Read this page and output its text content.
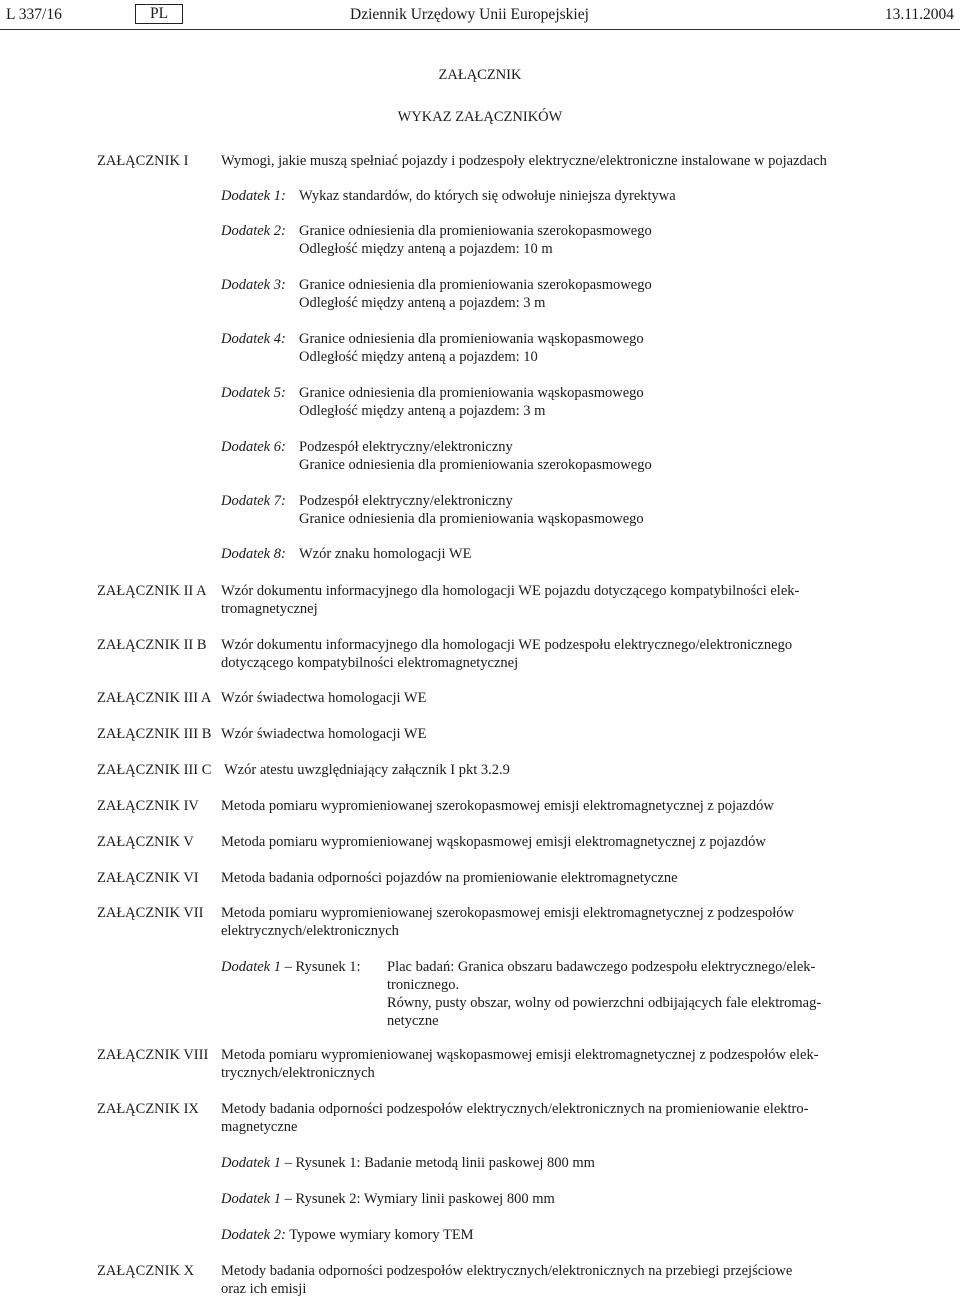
L 337/16	PL	Dziennik Urzędowy Unii Europejskiej	13.11.2004
ZAŁĄCZNIK
WYKAZ ZAŁĄCZNIKÓW
ZAŁĄCZNIK I Wymogi, jakie muszą spełniać pojazdy i podzespoły elektryczne/elektroniczne instalowane w pojazdach
Dodatek 1: Wykaz standardów, do których się odwołuje niniejsza dyrektywa
Dodatek 2: Granice odniesienia dla promieniowania szerokopasmowego
Odległość między anteną a pojazdem: 10 m
Dodatek 3: Granice odniesienia dla promieniowania szerokopasmowego
Odległość między anteną a pojazdem: 3 m
Dodatek 4: Granice odniesienia dla promieniowania wąskopasmowego
Odległość między anteną a pojazdem: 10
Dodatek 5: Granice odniesienia dla promieniowania wąskopasmowego
Odległość między anteną a pojazdem: 3 m
Dodatek 6: Podzespół elektryczny/elektroniczny
Granice odniesienia dla promieniowania szerokopasmowego
Dodatek 7: Podzespół elektryczny/elektroniczny
Granice odniesienia dla promieniowania wąskopasmowego
Dodatek 8: Wzór znaku homologacji WE
ZAŁĄCZNIK II A Wzór dokumentu informacyjnego dla homologacji WE pojazdu dotyczącego kompatybilności elek-
tromagnetycznej
ZAŁĄCZNIK II B Wzór dokumentu informacyjnego dla homologacji WE podzespołu elektrycznego/elektronicznego
dotyczącego kompatybilności elektromagnetycznej
ZAŁĄCZNIK III A Wzór świadectwa homologacji WE
ZAŁĄCZNIK III B Wzór świadectwa homologacji WE
ZAŁĄCZNIK III C Wzór atestu uwzględniający załącznik I pkt 3.2.9
ZAŁĄCZNIK IV Metoda pomiaru wypromieniowanej szerokopasmowej emisji elektromagnetycznej z pojazdów
ZAŁĄCZNIK V Metoda pomiaru wypromieniowanej wąskopasmowej emisji elektromagnetycznej z pojazdów
ZAŁĄCZNIK VI Metoda badania odporności pojazdów na promieniowanie elektromagnetyczne
ZAŁĄCZNIK VII Metoda pomiaru wypromieniowanej szerokopasmowej emisji elektromagnetycznej z podzespołów
elektrycznych/elektronicznych
Dodatek 1 – Rysunek 1: Plac badań: Granica obszaru badawczego podzespołu elektrycznego/elek-
tronicznego.
Równy, pusty obszar, wolny od powierzchni odbijających fale elektromag-
netyczne
ZAŁĄCZNIK VIII Metoda pomiaru wypromieniowanej wąskopasmowej emisji elektromagnetycznej z podzespołów elek-
trycznych/elektronicznych
ZAŁĄCZNIK IX Metody badania odporności podzespołów elektrycznych/elektronicznych na promieniowanie elektro-
magnetyczne
Dodatek 1 – Rysunek 1: Badanie metodą linii paskowej 800 mm
Dodatek 1 – Rysunek 2: Wymiary linii paskowej 800 mm
Dodatek 2: Typowe wymiary komory TEM
ZAŁĄCZNIK X Metody badania odporności podzespołów elektrycznych/elektronicznych na przebiegi przejściowe
oraz ich emisji
